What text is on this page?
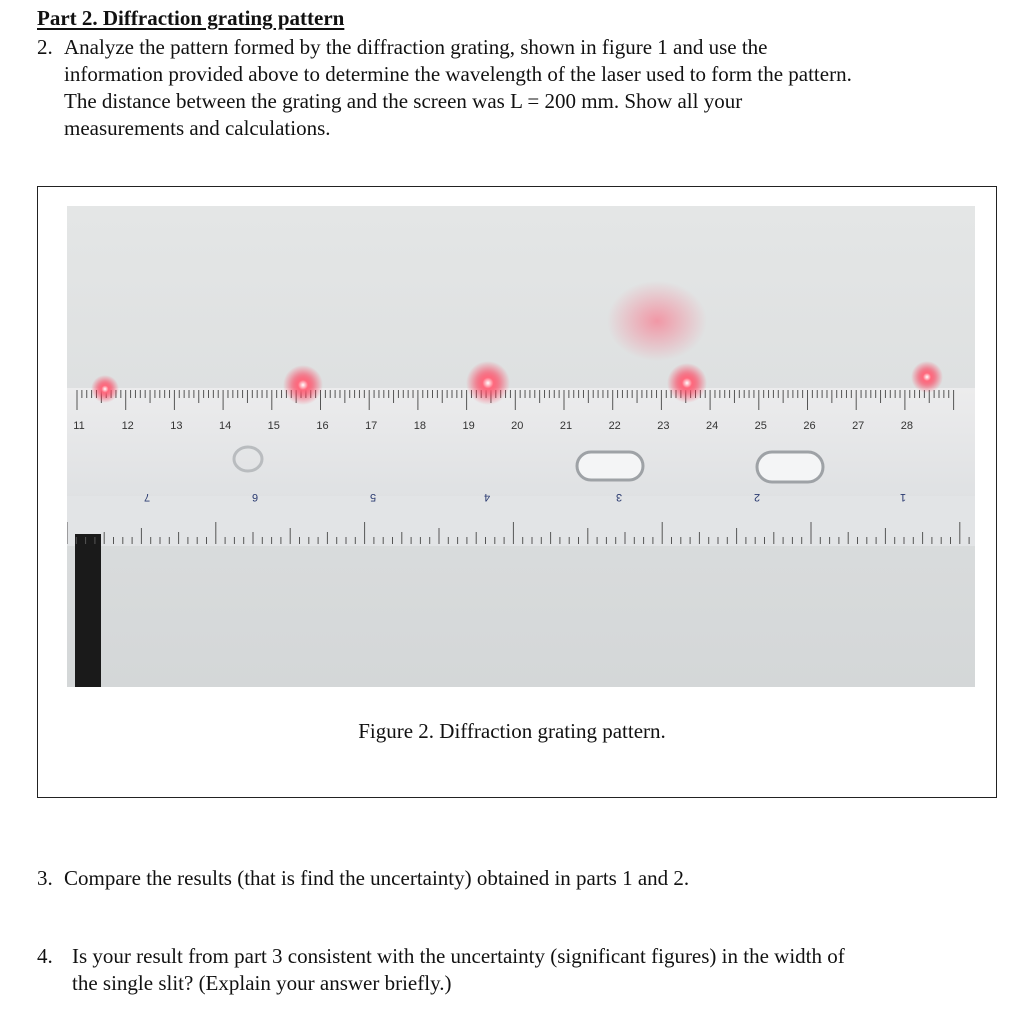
Part 2. Diffraction grating pattern
2. Analyze the pattern formed by the diffraction grating, shown in figure 1 and use the
information provided above to determine the wavelength of the laser used to form the pattern.
The distance between the grating and the screen was L = 200 mm. Show all your
measurements and calculations.
11	12	13	14	15	16	17	18	19	20	21	22	23	24	25	26	27	28
7	6	5	4	3	2	1
Figure 2. Diffraction grating pattern.
3. Compare the results (that is find the uncertainty) obtained in parts 1 and 2.
4. Is your result from part 3 consistent with the uncertainty (significant figures) in the width of
the single slit? (Explain your answer briefly.)
